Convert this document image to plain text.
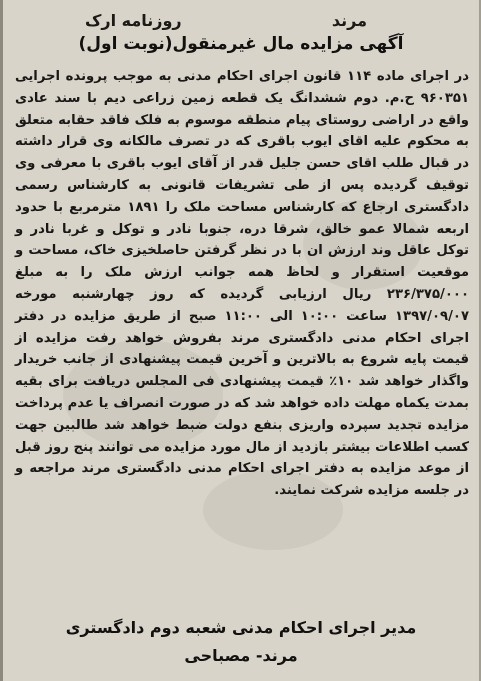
مرند
روزنامه ارک
آگهی مزایده مال غیرمنقول(نوبت اول)
در اجرای ماده ۱۱۴ قانون اجرای احکام مدنی به موجب پرونده اجرایی ۹۶۰۳۵۱ ح.م. دوم ششدانگ یک قطعه زمین زراعی دیم با سند عادی واقع در اراضی روستای پیام منطقه موسوم به فلک فاقد حقابه متعلق به محکوم علیه اقای ایوب باقری که در تصرف مالکانه وی قرار داشته در قبال طلب اقای حسن جلیل قدر از آقای ایوب باقری با معرفی وی توقیف گردیده پس از طی تشریفات قانونی به کارشناس رسمی دادگستری ارجاع که کارشناس مساحت ملک را ۱۸۹۱ مترمربع با حدود اربعه شمالا عمو خالق، شرقا دره، جنوبا نادر و توکل و غربا نادر و توکل عاقل وند ارزش ان با در نظر گرفتن حاصلخیزی خاک، مساحت و موقعیت استقرار و لحاظ همه جوانب ارزش ملک را به مبلغ ۲۳۶/۳۷۵/۰۰۰ ریال ارزیابی گردیده که روز چهارشنبه مورخه ۱۳۹۷/۰۹/۰۷ ساعت ۱۰:۰۰ الی ۱۱:۰۰ صبح از طریق مزایده در دفتر اجرای احکام مدنی دادگستری مرند بفروش خواهد رفت مزایده از قیمت پایه شروع به بالاترین و آخرین قیمت پیشنهادی از جانب خریدار واگذار خواهد شد ۱۰٪ قیمت پیشنهادی فی المجلس دریافت برای بقیه بمدت یکماه مهلت داده خواهد شد که در صورت انصراف یا عدم پرداخت مزایده تجدید سپرده واریزی بنفع دولت ضبط خواهد شد طالبین جهت کسب اطلاعات بیشتر بازدید از مال مورد مزایده می توانند پنج روز قبل از موعد مزایده به دفتر اجرای احکام مدنی دادگستری مرند مراجعه و در جلسه مزایده شرکت نمایند.
مدیر اجرای احکام مدنی شعبه دوم دادگستری
مرند- مصباحی
